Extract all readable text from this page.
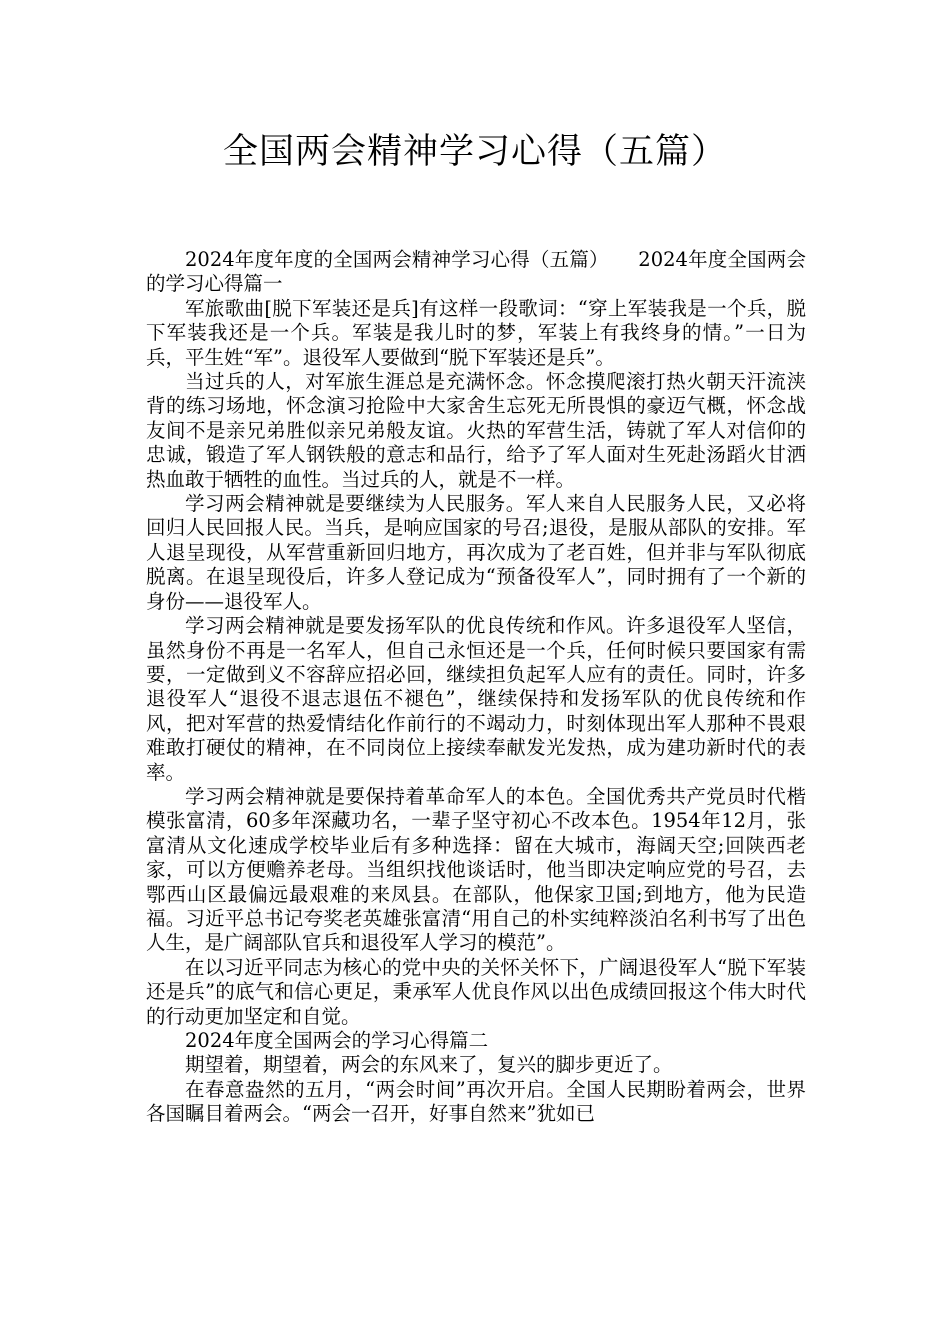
全国两会精神学习心得（五篇）

2024年度年度的全国两会精神学习心得（五篇）　　2024年度全国两会的学习心得篇一

军旅歌曲[脱下军装还是兵]有这样一段歌词：“穿上军装我是一个兵，脱下军装我还是一个兵。军装是我儿时的梦，军装上有我终身的情。”一日为兵，平生姓“军”。退役军人要做到“脱下军装还是兵”。

当过兵的人，对军旅生涯总是充满怀念。怀念摸爬滚打热火朝天汗流浃背的练习场地，怀念演习抢险中大家舍生忘死无所畏惧的豪迈气概，怀念战友间不是亲兄弟胜似亲兄弟般友谊。火热的军营生活，铸就了军人对信仰的忠诚，锻造了军人钢铁般的意志和品行，给予了军人面对生死赴汤蹈火甘洒热血敢于牺牲的血性。当过兵的人，就是不一样。

学习两会精神就是要继续为人民服务。军人来自人民服务人民，又必将回归人民回报人民。当兵，是响应国家的号召;退役，是服从部队的安排。军人退呈现役，从军营重新回归地方，再次成为了老百姓，但并非与军队彻底脱离。在退呈现役后，许多人登记成为“预备役军人”，同时拥有了一个新的身份——退役军人。

学习两会精神就是要发扬军队的优良传统和作风。许多退役军人坚信，虽然身份不再是一名军人，但自己永恒还是一个兵，任何时候只要国家有需要，一定做到义不容辞应招必回，继续担负起军人应有的责任。同时，许多退役军人“退役不退志退伍不褪色”，继续保持和发扬军队的优良传统和作风，把对军营的热爱情结化作前行的不竭动力，时刻体现出军人那种不畏艰难敢打硬仗的精神，在不同岗位上接续奉献发光发热，成为建功新时代的表率。

学习两会精神就是要保持着革命军人的本色。全国优秀共产党员时代楷模张富清，60多年深藏功名，一辈子坚守初心不改本色。1954年12月，张富清从文化速成学校毕业后有多种选择：留在大城市，海阔天空;回陕西老家，可以方便赡养老母。当组织找他谈话时，他当即决定响应党的号召，去鄂西山区最偏远最艰难的来凤县。在部队，他保家卫国;到地方，他为民造福。习近平总书记夸奖老英雄张富清“用自己的朴实纯粹淡泊名利书写了出色人生，是广阔部队官兵和退役军人学习的模范”。

在以习近平同志为核心的党中央的关怀关怀下，广阔退役军人“脱下军装还是兵”的底气和信心更足，秉承军人优良作风以出色成绩回报这个伟大时代的行动更加坚定和自觉。

2024年度全国两会的学习心得篇二

期望着，期望着，两会的东风来了，复兴的脚步更近了。

在春意盎然的五月，“两会时间”再次开启。全国人民期盼着两会，世界各国瞩目着两会。“两会一召开，好事自然来”犹如已
